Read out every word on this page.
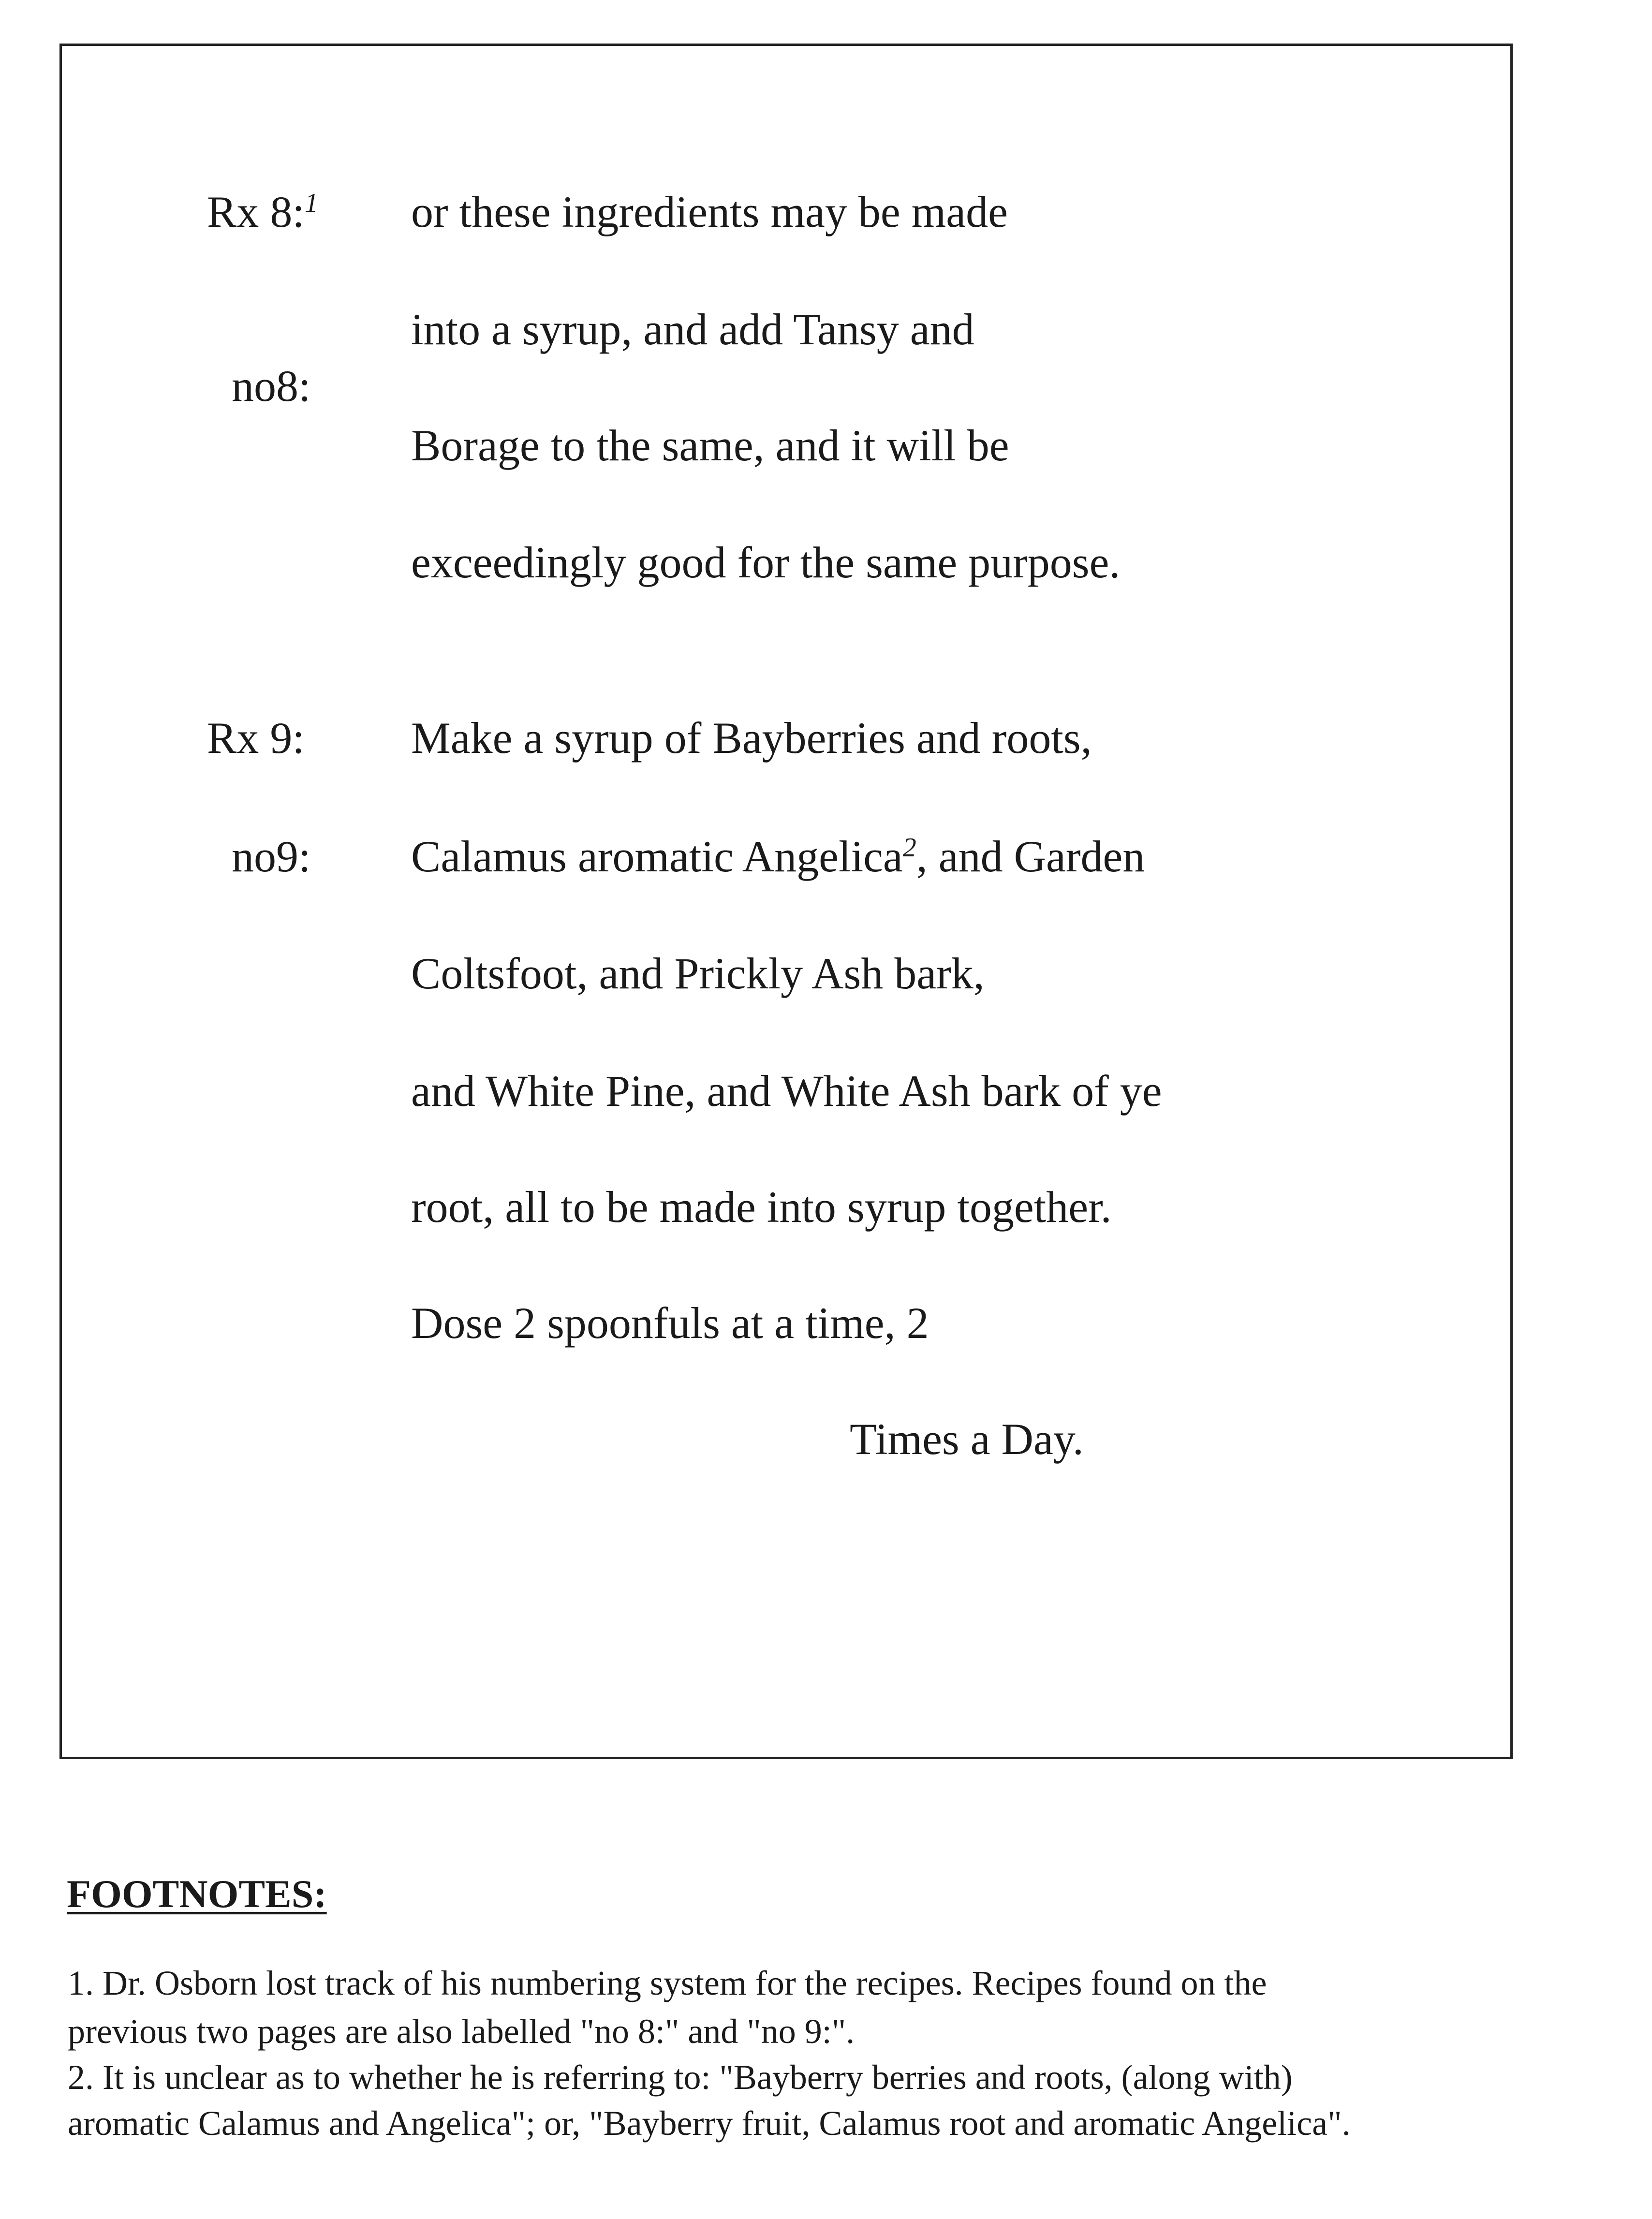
Rx 8:$^1$
no8:
or these ingredients may be made
into a syrup, and add Tansy and
Borage to the same, and it will be
exceedingly good for the same purpose.
Rx 9:
no9:
Make a syrup of Bayberries and roots,
Calamus aromatic Angelica$^2$, and Garden
Coltsfoot, and Prickly Ash bark,
and White Pine, and White Ash bark of ye
root, all to be made into syrup together.
Dose 2 spoonfuls at a time, 2
Times a Day.
FOOTNOTES:
1. Dr. Osborn lost track of his numbering system for the recipes. Recipes found on the
previous two pages are also labelled "no 8:" and "no 9:".
2. It is unclear as to whether he is referring to: "Bayberry berries and roots, (along with)
aromatic Calamus and Angelica"; or, "Bayberry fruit, Calamus root and aromatic Angelica".
